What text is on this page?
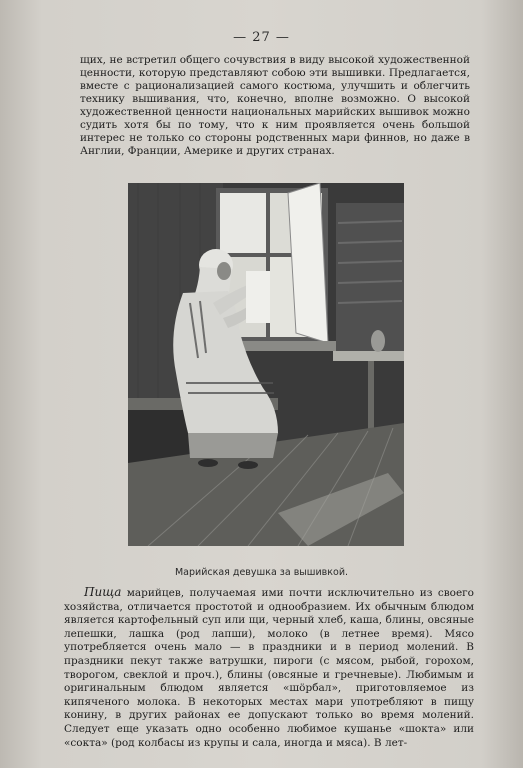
— 27 —
щих, не встретил общего сочувствия в виду высокой художественной ценности, которую представляют собою эти вышивки. Предлагается, вместе с рационализацией самого костюма, улучшить и облегчить технику вышивания, что, конечно, вполне возможно. О высокой художественной ценности национальных марийских вышивок можно судить хотя бы по тому, что к ним проявляется очень большой интерес не только со стороны родственных мари финнов, но даже в Англии, Франции, Америке и других странах.
Марийская девушка за вышивкой.
Пища марийцев, получаемая ими почти исключительно из своего хозяйства, отличается простотой и однообразием. Их обычным блюдом является картофельный суп или щи, черный хлеб, каша, блины, овсяные лепешки, лашка (род лапши), молоко (в летнее время). Мясо употребляется очень мало — в праздники и в период молений. В праздники пекут также ватрушки, пироги (с мясом, рыбой, горохом, творогом, свеклой и проч.), блины (овсяные и гречневые). Любимым и оригинальным блюдом является «шöрбал», приготовляемое из кипяченого молока. В некоторых местах мари употребляют в пищу конину, в других районах ее допускают только во время молений. Следует еще указать одно особенно любимое кушанье «шокта» или «сокта» (род колбасы из крупы и сала, иногда и мяса). В лет-
